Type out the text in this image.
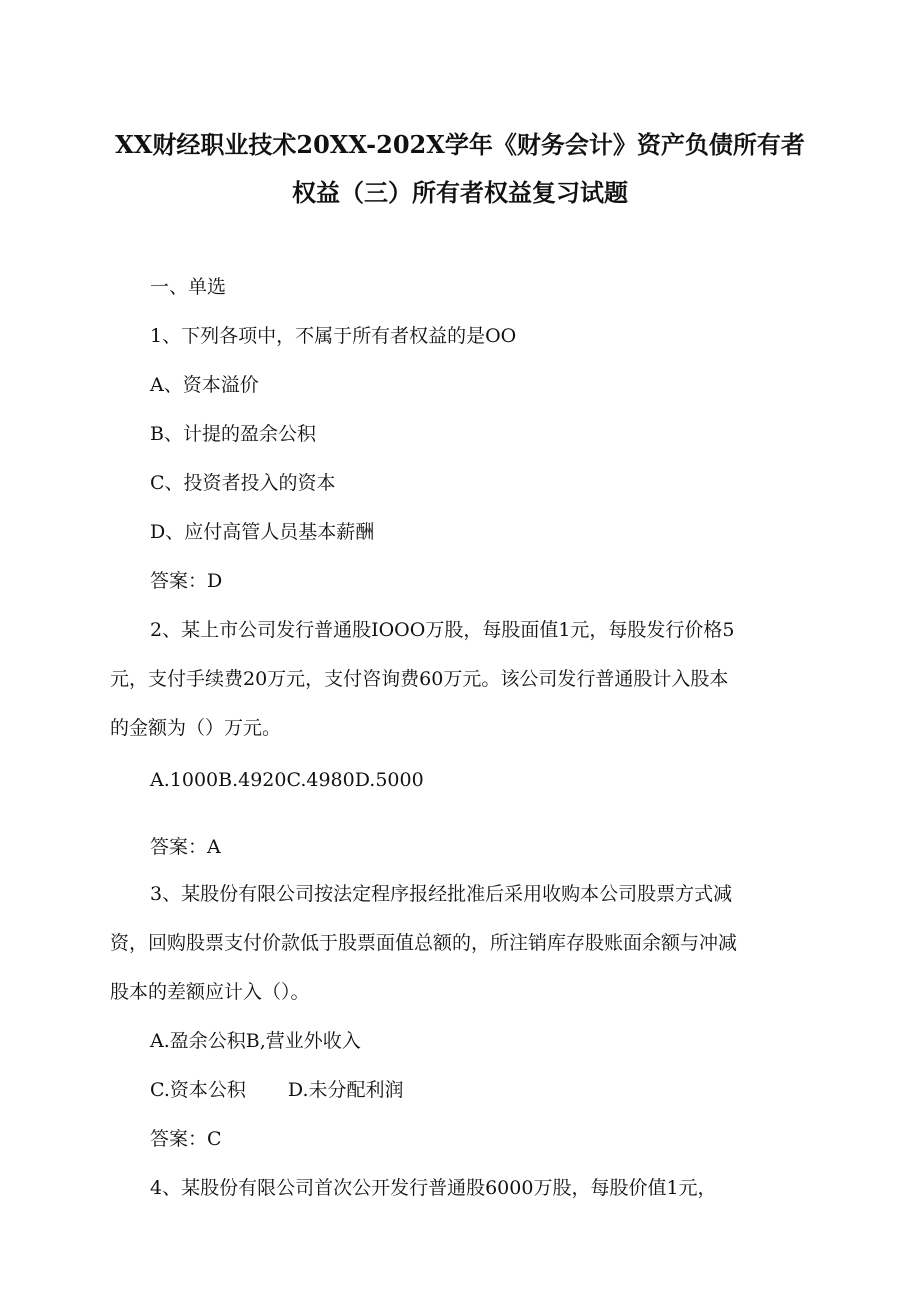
XX财经职业技术20XX-202X学年《财务会计》资产负债所有者
权益（三）所有者权益复习试题
一、单选
1、下列各项中，不属于所有者权益的是OO
A、资本溢价
B、计提的盈余公积
C、投资者投入的资本
D、应付高管人员基本薪酬
答案：D
2、某上市公司发行普通股IOOO万股，每股面值1元，每股发行价格5
元，支付手续费20万元，支付咨询费60万元。该公司发行普通股计入股本
的金额为（）万元。
A.1000B.4920C.4980D.5000
答案：A
3、某股份有限公司按法定程序报经批准后采用收购本公司股票方式减
资，回购股票支付价款低于股票面值总额的，所注销库存股账面余额与冲减
股本的差额应计入（）。
A.盈余公积B,营业外收入
C.资本公积 D.未分配利润
答案：C
4、某股份有限公司首次公开发行普通股6000万股，每股价值1元，
